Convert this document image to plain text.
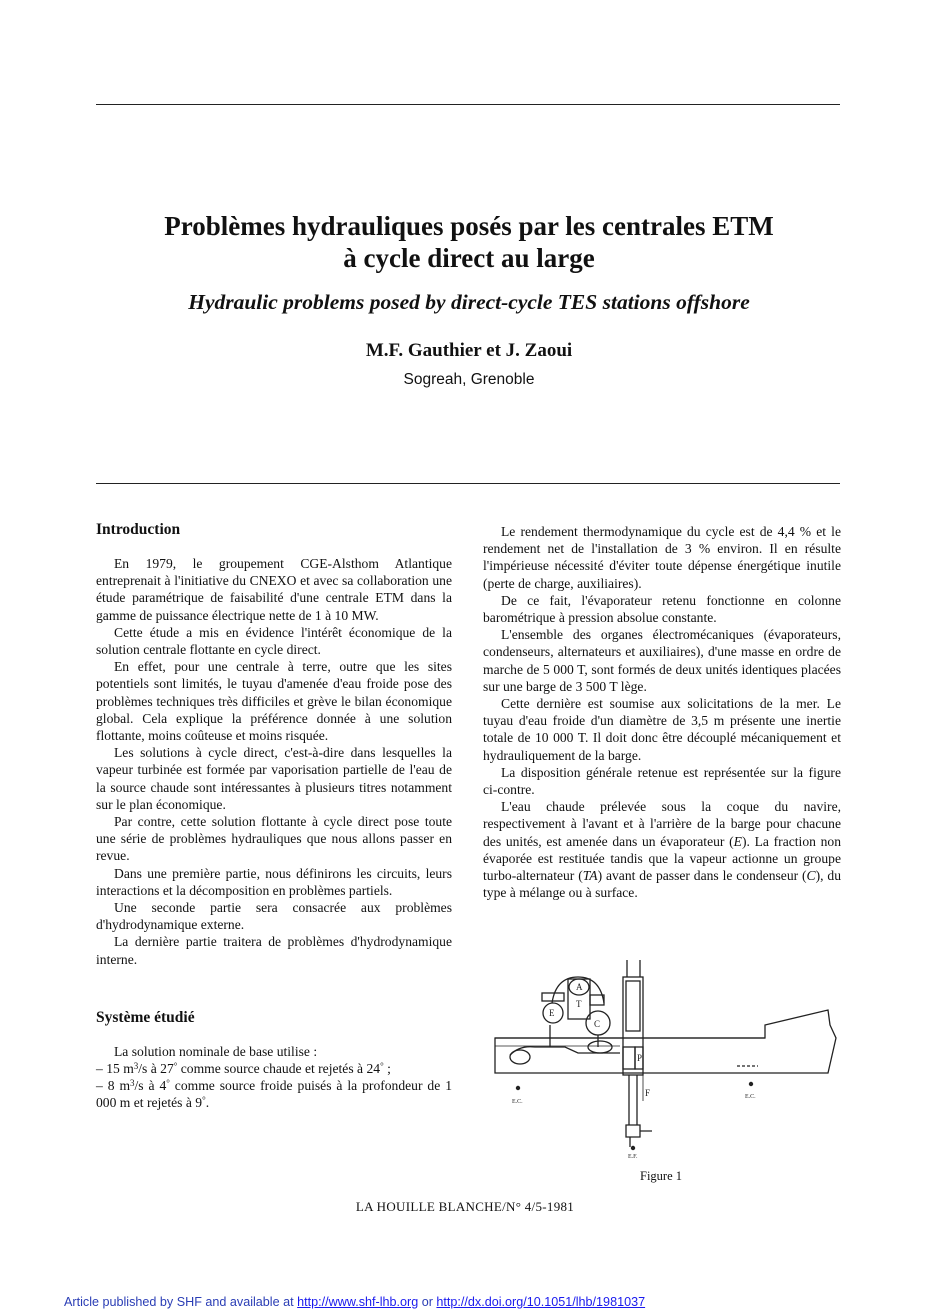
Problèmes hydrauliques posés par les centrales ETM
à cycle direct au large
Hydraulic problems posed by direct-cycle TES stations offshore
M.F. Gauthier et J. Zaoui
Sogreah, Grenoble
Introduction

En 1979, le groupement CGE-Alsthom Atlantique entreprenait à l'initiative du CNEXO et avec sa collaboration une étude paramétrique de faisabilité d'une centrale ETM dans la gamme de puissance électrique nette de 1 à 10 MW.

Cette étude a mis en évidence l'intérêt économique de la solution centrale flottante en cycle direct.

En effet, pour une centrale à terre, outre que les sites potentiels sont limités, le tuyau d'amenée d'eau froide pose des problèmes techniques très difficiles et grève le bilan économique global. Cela explique la préférence donnée à une solution flottante, moins coûteuse et moins risquée.

Les solutions à cycle direct, c'est-à-dire dans lesquelles la vapeur turbinée est formée par vaporisation partielle de l'eau de la source chaude sont intéressantes à plusieurs titres notamment sur le plan économique.

Par contre, cette solution flottante à cycle direct pose toute une série de problèmes hydrauliques que nous allons passer en revue.

Dans une première partie, nous définirons les circuits, leurs interactions et la décomposition en problèmes partiels.

Une seconde partie sera consacrée aux problèmes d'hydrodynamique externe.

La dernière partie traitera de problèmes d'hydrodynamique interne.

Système étudié

La solution nominale de base utilise :

– 15 $m^3/s$ à 27° comme source chaude et rejetés à 24° ;

– 8 $m^3/s$ à 4° comme source froide puisés à la profondeur de 1 000 m et rejetés à 9°.

Le rendement thermodynamique du cycle est de 4,4 % et le rendement net de l'installation de 3 % environ. Il en résulte l'impérieuse nécessité d'éviter toute dépense énergétique inutile (perte de charge, auxiliaires).

De ce fait, l'évaporateur retenu fonctionne en colonne barométrique à pression absolue constante.

L'ensemble des organes électromécaniques (évaporateurs, condenseurs, alternateurs et auxiliaires), d'une masse en ordre de marche de 5 000 T, sont formés de deux unités identiques placées sur une barge de 3 500 T lège.

Cette dernière est soumise aux solicitations de la mer. Le tuyau d'eau froide d'un diamètre de 3,5 m présente une inertie totale de 10 000 T. Il doit donc être découplé mécaniquement et hydrauliquement de la barge.

La disposition générale retenue est représentée sur la figure ci-contre.

L'eau chaude prélevée sous la coque du navire, respectivement à l'avant et à l'arrière de la barge pour chacune des unités, est amenée dans un évaporateur (E). La fraction non évaporée est restituée tandis que la vapeur actionne un groupe turbo-alternateur (TA) avant de passer dans le condenseur (C), du type à mélange ou à surface.

E
C
A
T
P
F
E.C.
E.C.
E.F.
Figure 1
LA HOUILLE BLANCHE/N° 4/5-1981
Article published by SHF and available at http://www.shf-lhb.org or http://dx.doi.org/10.1051/lhb/1981037
